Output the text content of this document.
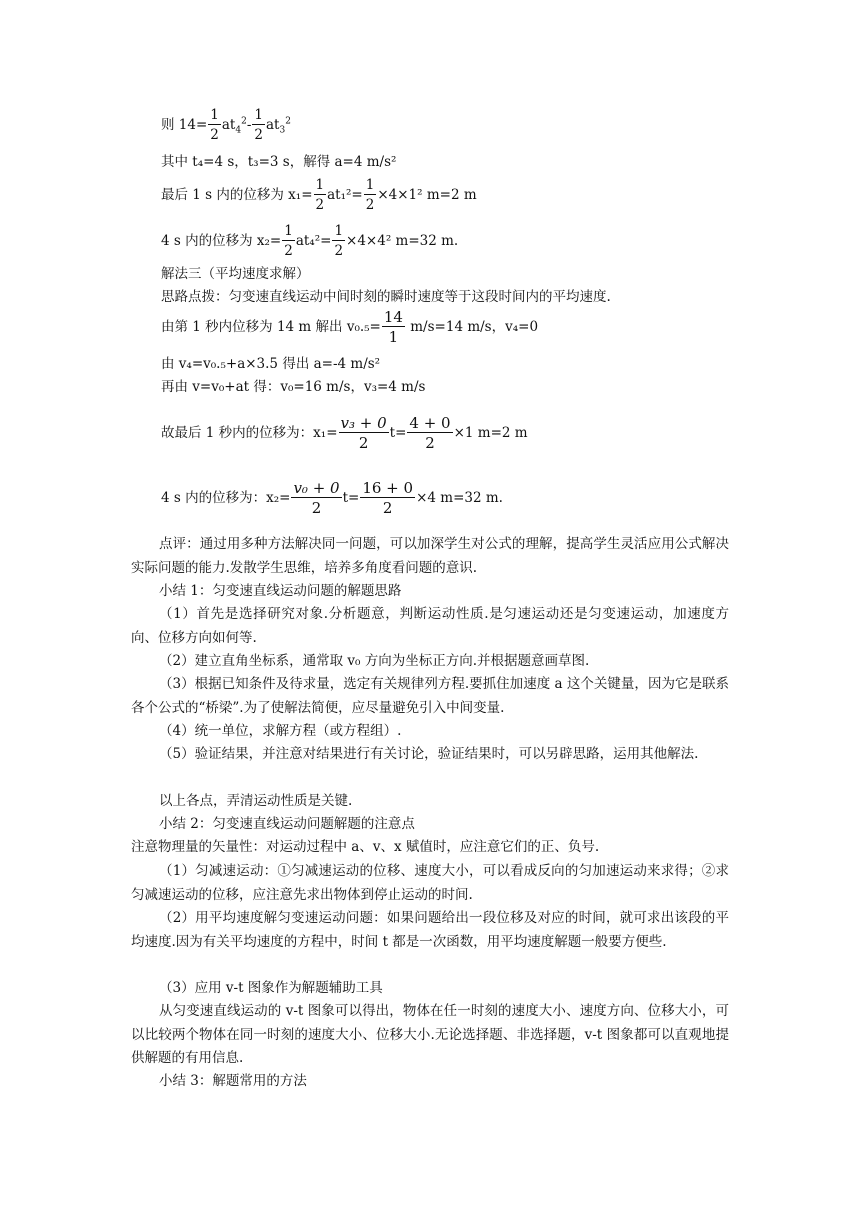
则 $14= \frac{1}{2} at_4^2- \frac{1}{2} at_3^2$
其中 t₄=4 s，t₃=3 s，解得 a=4 m/s²
最后 1 s 内的位移为 $x_1= \frac{1}{2} at_1^2= \frac{1}{2} \times 4\times 1^2$ m=2 m
4 s 内的位移为 $x_2= \frac{1}{2} at_4^2= \frac{1}{2} \times 4\times 4^2$ m=32 m.
解法三（平均速度求解）
思路点拨：匀变速直线运动中间时刻的瞬时速度等于这段时间内的平均速度.
由第 1 秒内位移为 14 m 解出 $v_0._5= \frac{14}{1} m/s=14$ m/s，v₄=0
由 v₄=v₀.₅+a×3.5 得出 a=-4 m/s²
再由 v=v₀+at 得：v₀=16 m/s，v₃=4 m/s
故最后 1 秒内的位移为：$x_1= \frac{\text{v₃ + 0}}{2} t= \frac{4 + 0}{2} \times 1$ m=2 m
4 s 内的位移为：$x_2= \frac{\text{v₀ + 0}}{2} t= \frac{16 + 0}{2} \times 4$ m=32 m.
点评：通过用多种方法解决同一问题，可以加深学生对公式的理解，提高学生灵活应用公式解决实际问题的能力.发散学生思维，培养多角度看问题的意识.
小结 1：匀变速直线运动问题的解题思路
（1）首先是选择研究对象.分析题意，判断运动性质.是匀速运动还是匀变速运动，加速度方向、位移方向如何等.
（2）建立直角坐标系，通常取 v₀ 方向为坐标正方向.并根据题意画草图.
（3）根据已知条件及待求量，选定有关规律列方程.要抓住加速度 a 这个关键量，因为它是联系各个公式的“桥梁”.为了使解法简便，应尽量避免引入中间变量.
（4）统一单位，求解方程（或方程组）.
（5）验证结果，并注意对结果进行有关讨论，验证结果时，可以另辟思路，运用其他解法.
以上各点，弄清运动性质是关键.
小结 2：匀变速直线运动问题解题的注意点
注意物理量的矢量性：对运动过程中 a、v、x 赋值时，应注意它们的正、负号.
（1）匀减速运动：①匀减速运动的位移、速度大小，可以看成反向的匀加速运动来求得；②求匀减速运动的位移，应注意先求出物体到停止运动的时间.
（2）用平均速度解匀变速运动问题：如果问题给出一段位移及对应的时间，就可求出该段的平均速度.因为有关平均速度的方程中，时间 t 都是一次函数，用平均速度解题一般要方便些.
（3）应用 v-t 图象作为解题辅助工具
从匀变速直线运动的 v-t 图象可以得出，物体在任一时刻的速度大小、速度方向、位移大小，可以比较两个物体在同一时刻的速度大小、位移大小.无论选择题、非选择题，v-t 图象都可以直观地提供解题的有用信息.
小结 3：解题常用的方法
